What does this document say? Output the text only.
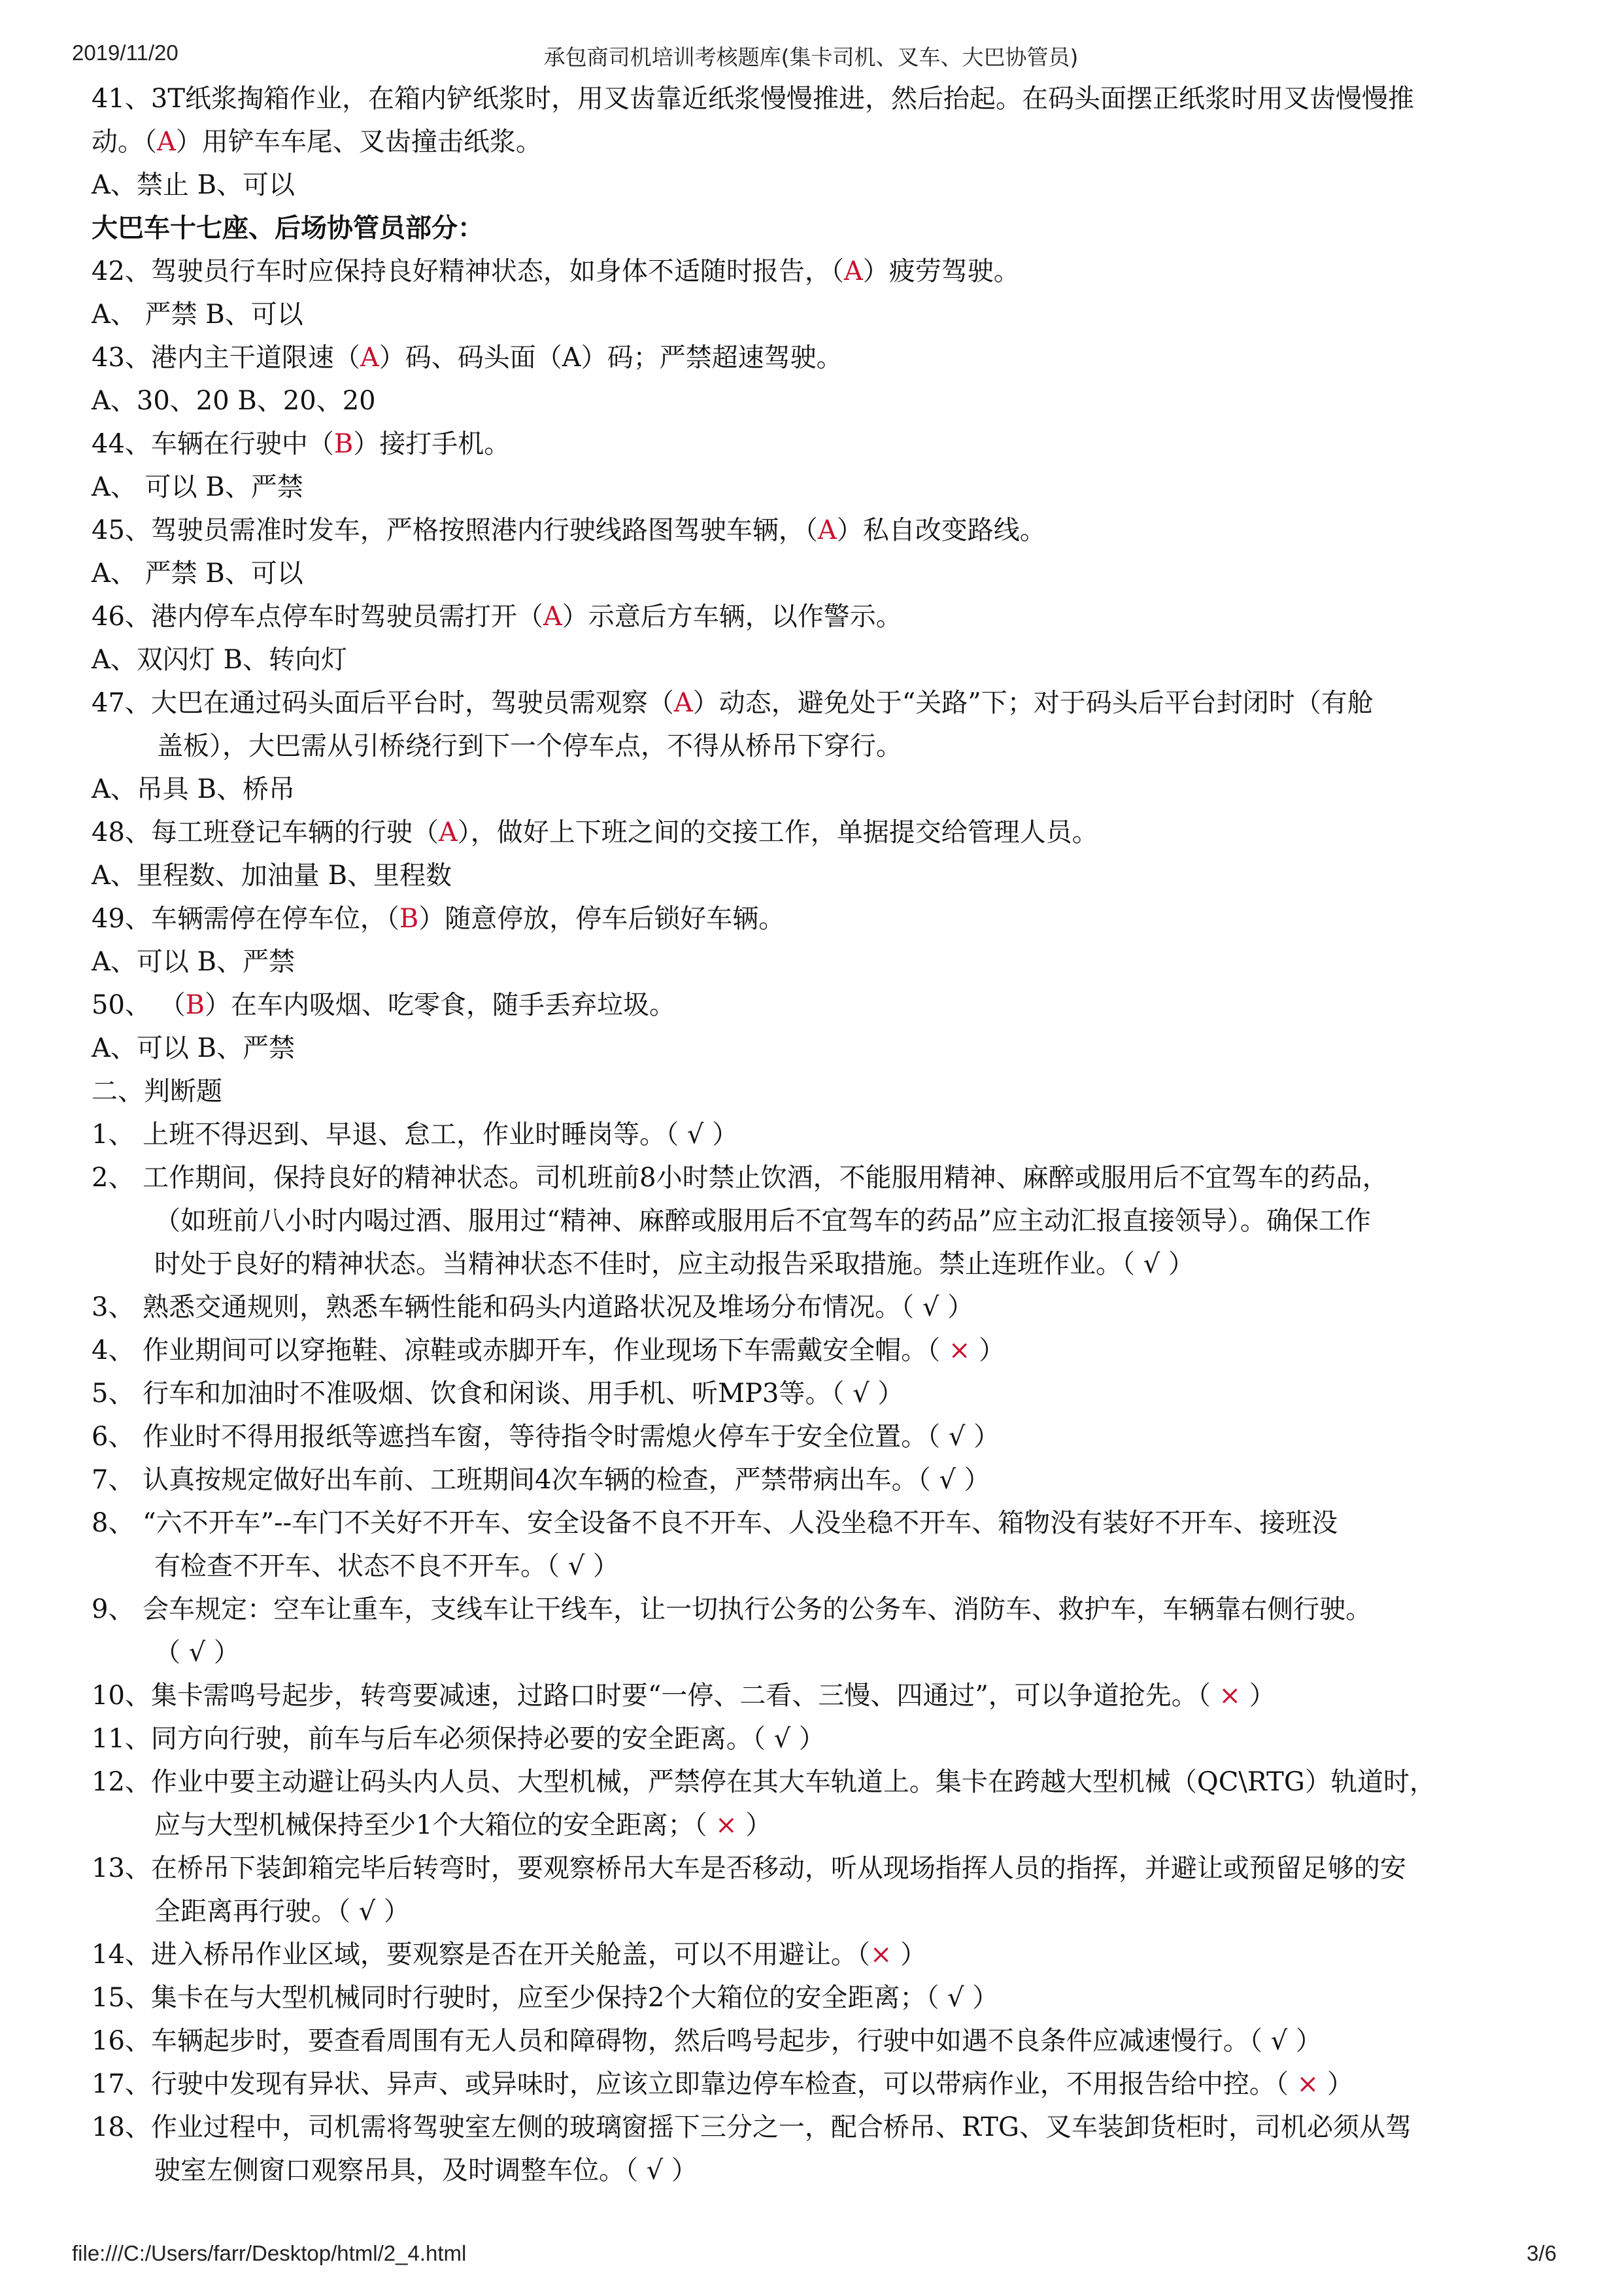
2019/11/20	承包商司机培训考核题库(集卡司机、叉车、大巴协管员)
41、3T纸浆掏箱作业，在箱内铲纸浆时，用叉齿靠近纸浆慢慢推进，然后抬起。在码头面摆正纸浆时用叉齿慢慢推
动。（A）用铲车车尾、叉齿撞击纸浆。
A、禁止 B、可以
大巴车十七座、后场协管员部分：
42、驾驶员行车时应保持良好精神状态，如身体不适随时报告，（A）疲劳驾驶。
A、 严禁 B、可以
43、港内主干道限速（A）码、码头面（A）码；严禁超速驾驶。
A、30、20 B、20、20
44、车辆在行驶中（B）接打手机。
A、 可以 B、严禁
45、驾驶员需准时发车，严格按照港内行驶线路图驾驶车辆，（A）私自改变路线。
A、 严禁 B、可以
46、港内停车点停车时驾驶员需打开（A）示意后方车辆，以作警示。
A、双闪灯 B、转向灯
47、大巴在通过码头面后平台时，驾驶员需观察（A）动态，避免处于“关路”下；对于码头后平台封闭时（有舱
盖板），大巴需从引桥绕行到下一个停车点，不得从桥吊下穿行。
A、吊具 B、桥吊
48、每工班登记车辆的行驶（A），做好上下班之间的交接工作，单据提交给管理人员。
A、里程数、加油量 B、里程数
49、车辆需停在停车位，（B）随意停放，停车后锁好车辆。
A、可以 B、严禁
50、 （B）在车内吸烟、吃零食，随手丢弃垃圾。
A、可以 B、严禁
二、判断题
1、 上班不得迟到、早退、怠工，作业时睡岗等。（ √ ）
2、 工作期间，保持良好的精神状态。司机班前8小时禁止饮酒，不能服用精神、麻醉或服用后不宜驾车的药品，
（如班前八小时内喝过酒、服用过“精神、麻醉或服用后不宜驾车的药品”应主动汇报直接领导）。确保工作
时处于良好的精神状态。当精神状态不佳时，应主动报告采取措施。禁止连班作业。（ √ ）
3、 熟悉交通规则，熟悉车辆性能和码头内道路状况及堆场分布情况。（ √ ）
4、 作业期间可以穿拖鞋、凉鞋或赤脚开车，作业现场下车需戴安全帽。（ × ）
5、 行车和加油时不准吸烟、饮食和闲谈、用手机、听MP3等。（ √ ）
6、 作业时不得用报纸等遮挡车窗，等待指令时需熄火停车于安全位置。（ √ ）
7、 认真按规定做好出车前、工班期间4次车辆的检查，严禁带病出车。（ √ ）
8、 “六不开车”--车门不关好不开车、安全设备不良不开车、人没坐稳不开车、箱物没有装好不开车、接班没
有检查不开车、状态不良不开车。（ √ ）
9、 会车规定：空车让重车，支线车让干线车，让一切执行公务的公务车、消防车、救护车，车辆靠右侧行驶。
（ √ ）
10、集卡需鸣号起步，转弯要减速，过路口时要“一停、二看、三慢、四通过”，可以争道抢先。（ × ）
11、同方向行驶，前车与后车必须保持必要的安全距离。（ √ ）
12、作业中要主动避让码头内人员、大型机械，严禁停在其大车轨道上。集卡在跨越大型机械（QC\RTG）轨道时，
应与大型机械保持至少1个大箱位的安全距离；（ × ）
13、在桥吊下装卸箱完毕后转弯时，要观察桥吊大车是否移动，听从现场指挥人员的指挥，并避让或预留足够的安
全距离再行驶。（ √ ）
14、进入桥吊作业区域，要观察是否在开关舱盖，可以不用避让。（× ）
15、集卡在与大型机械同时行驶时，应至少保持2个大箱位的安全距离；（ √ ）
16、车辆起步时，要查看周围有无人员和障碍物，然后鸣号起步，行驶中如遇不良条件应减速慢行。（ √ ）
17、行驶中发现有异状、异声、或异味时，应该立即靠边停车检查，可以带病作业，不用报告给中控。（ × ）
18、作业过程中，司机需将驾驶室左侧的玻璃窗摇下三分之一，配合桥吊、RTG、叉车装卸货柜时，司机必须从驾
驶室左侧窗口观察吊具，及时调整车位。（ √ ）
file:///C:/Users/farr/Desktop/html/2_4.html	3/6
